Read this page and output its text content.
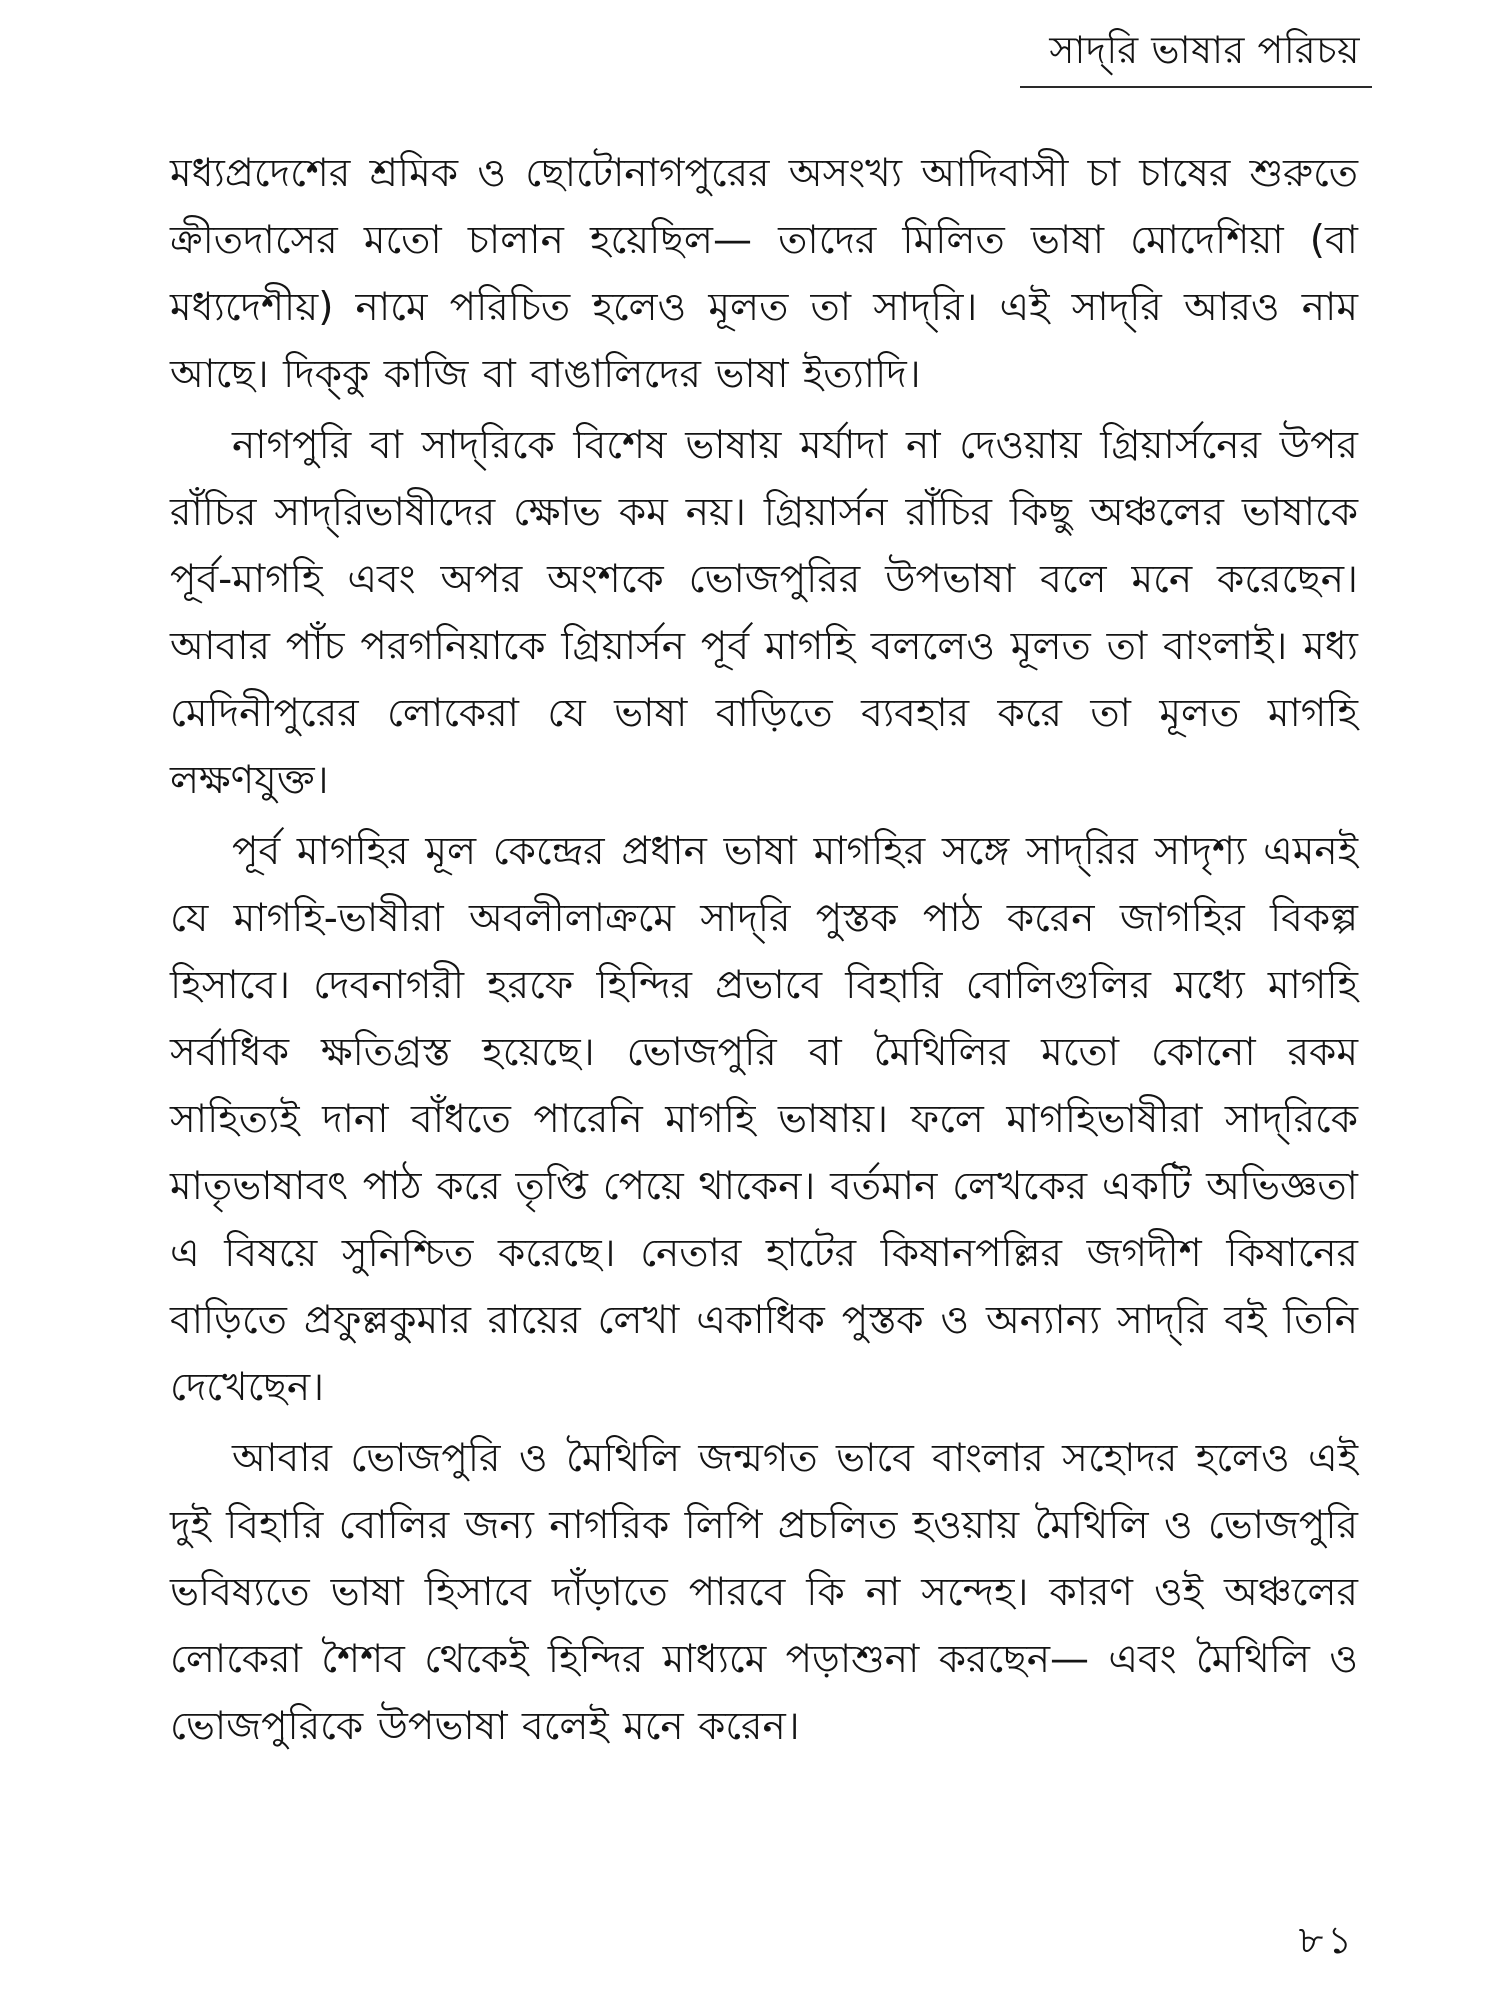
সাদ্‌রি ভাষার পরিচয়

মধ্যপ্রদেশের শ্রমিক ও ছোটোনাগপুরের অসংখ্য আদিবাসী চা চাষের শুরুতে ক্রীতদাসের মতো চালান হয়েছিল— তাদের মিলিত ভাষা মোদেশিয়া (বা মধ্যদেশীয়) নামে পরিচিত হলেও মূলত তা সাদ্‌রি। এই সাদ্‌রি আরও নাম আছে। দিক্‌কু কাজি বা বাঙালিদের ভাষা ইত্যাদি।

নাগপুরি বা সাদ্‌রিকে বিশেষ ভাষায় মর্যাদা না দেওয়ায় গ্রিয়ার্সনের উপর রাঁচির সাদ্‌রিভাষীদের ক্ষোভ কম নয়। গ্রিয়ার্সন রাঁচির কিছু অঞ্চলের ভাষাকে পূর্ব-মাগহি এবং অপর অংশকে ভোজপুরির উপভাষা বলে মনে করেছেন। আবার পাঁচ পরগনিয়াকে গ্রিয়ার্সন পূর্ব মাগহি বললেও মূলত তা বাংলাই। মধ্য মেদিনীপুরের লোকেরা যে ভাষা বাড়িতে ব্যবহার করে তা মূলত মাগহি লক্ষণযুক্ত।

পূর্ব মাগহির মূল কেন্দ্রের প্রধান ভাষা মাগহির সঙ্গে সাদ্‌রির সাদৃশ্য এমনই যে মাগহি-ভাষীরা অবলীলাক্রমে সাদ্‌রি পুস্তক পাঠ করেন জাগহির বিকল্প হিসাবে। দেবনাগরী হরফে হিন্দির প্রভাবে বিহারি বোলিগুলির মধ্যে মাগহি সর্বাধিক ক্ষতিগ্রস্ত হয়েছে। ভোজপুরি বা মৈথিলির মতো কোনো রকম সাহিত্যই দানা বাঁধতে পারেনি মাগহি ভাষায়। ফলে মাগহিভাষীরা সাদ্‌রিকে মাতৃভাষাবৎ পাঠ করে তৃপ্তি পেয়ে থাকেন। বর্তমান লেখকের একটি অভিজ্ঞতা এ বিষয়ে সুনিশ্চিত করেছে। নেতার হাটের কিষানপল্লির জগদীশ কিষানের বাড়িতে প্রফুল্লকুমার রায়ের লেখা একাধিক পুস্তক ও অন্যান্য সাদ্‌রি বই তিনি দেখেছেন।

আবার ভোজপুরি ও মৈথিলি জন্মগত ভাবে বাংলার সহোদর হলেও এই দুই বিহারি বোলির জন্য নাগরিক লিপি প্রচলিত হওয়ায় মৈথিলি ও ভোজপুরি ভবিষ্যতে ভাষা হিসাবে দাঁড়াতে পারবে কি না সন্দেহ। কারণ ওই অঞ্চলের লোকেরা শৈশব থেকেই হিন্দির মাধ্যমে পড়াশুনা করছেন— এবং মৈথিলি ও ভোজপুরিকে উপভাষা বলেই মনে করেন।

৮১
